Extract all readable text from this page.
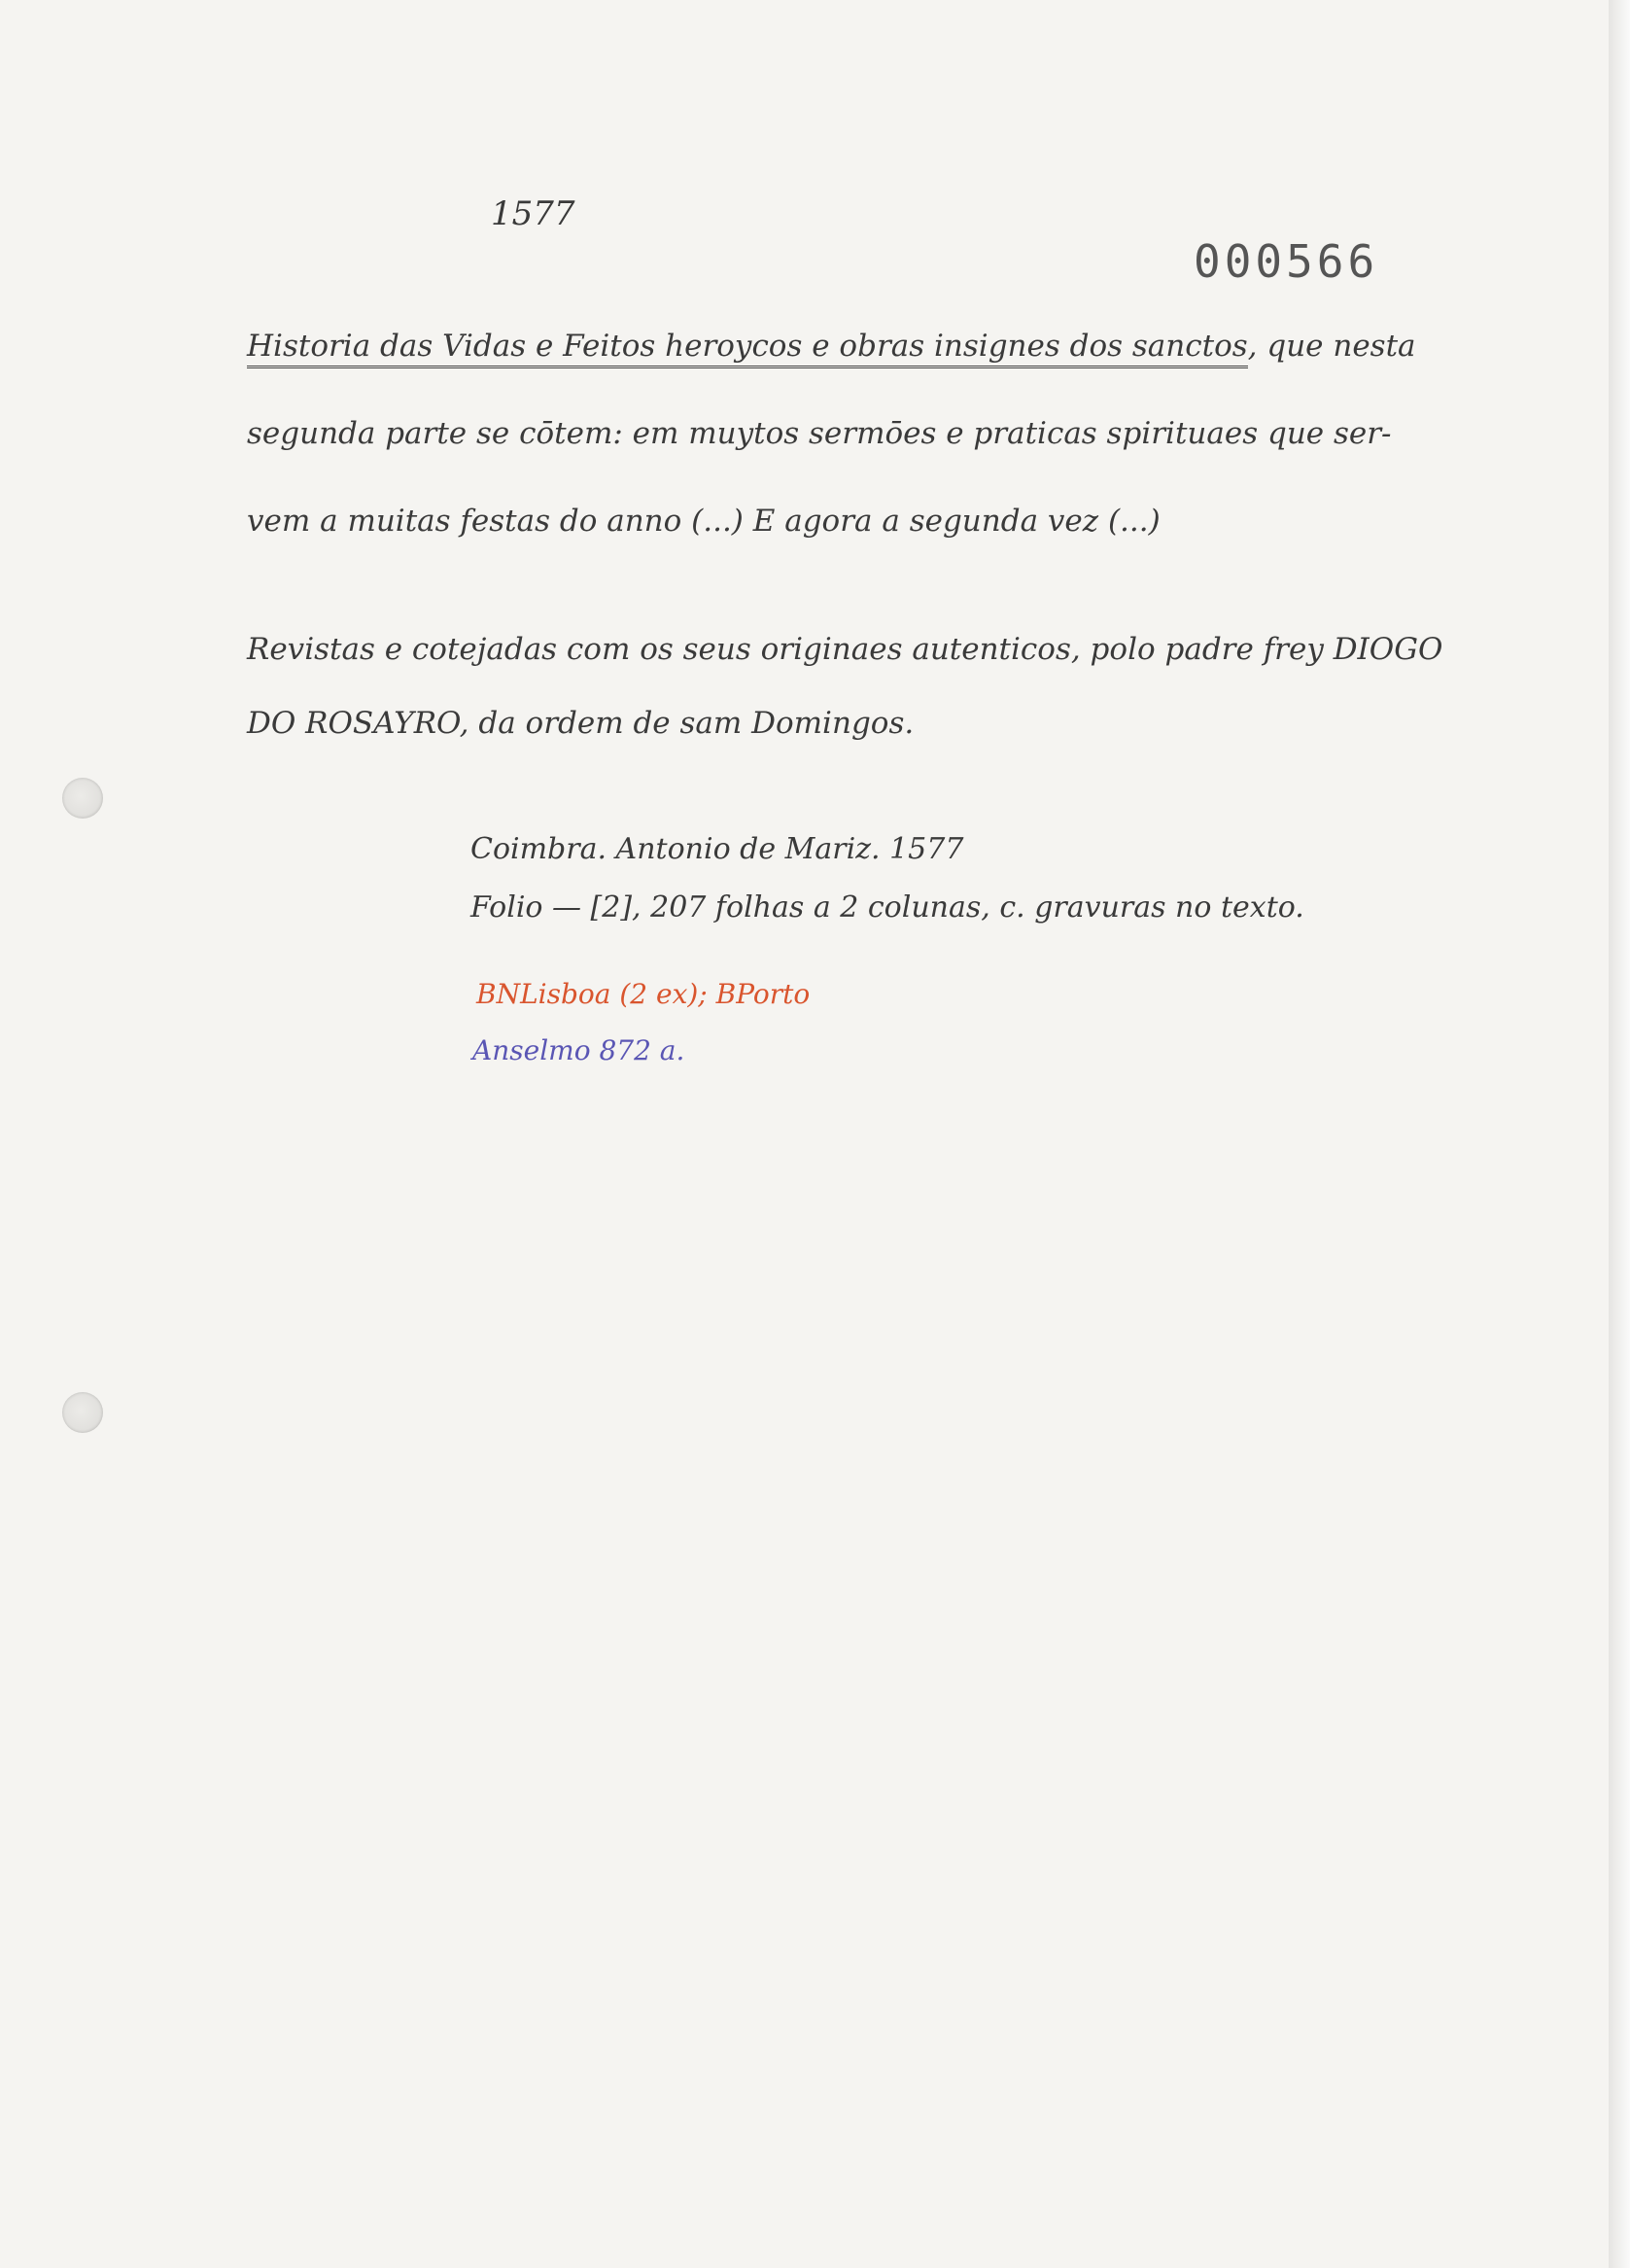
1577

000566

Historia das Vidas e Feitos heroycos e obras insignes dos sanctos, que nesta

segunda parte se cōtem: em muytos sermōes e praticas spirituaes que ser-

vem a muitas festas do anno (...) E agora a segunda vez (...)

Revistas e cotejadas com os seus originaes autenticos, polo padre frey DIOGO

DO ROSAYRO, da ordem de sam Domingos.

Coimbra. Antonio de Mariz. 1577

Folio — [2], 207 folhas a 2 colunas, c. gravuras no texto.

BNLisboa (2 ex); BPorto

Anselmo 872 a.
